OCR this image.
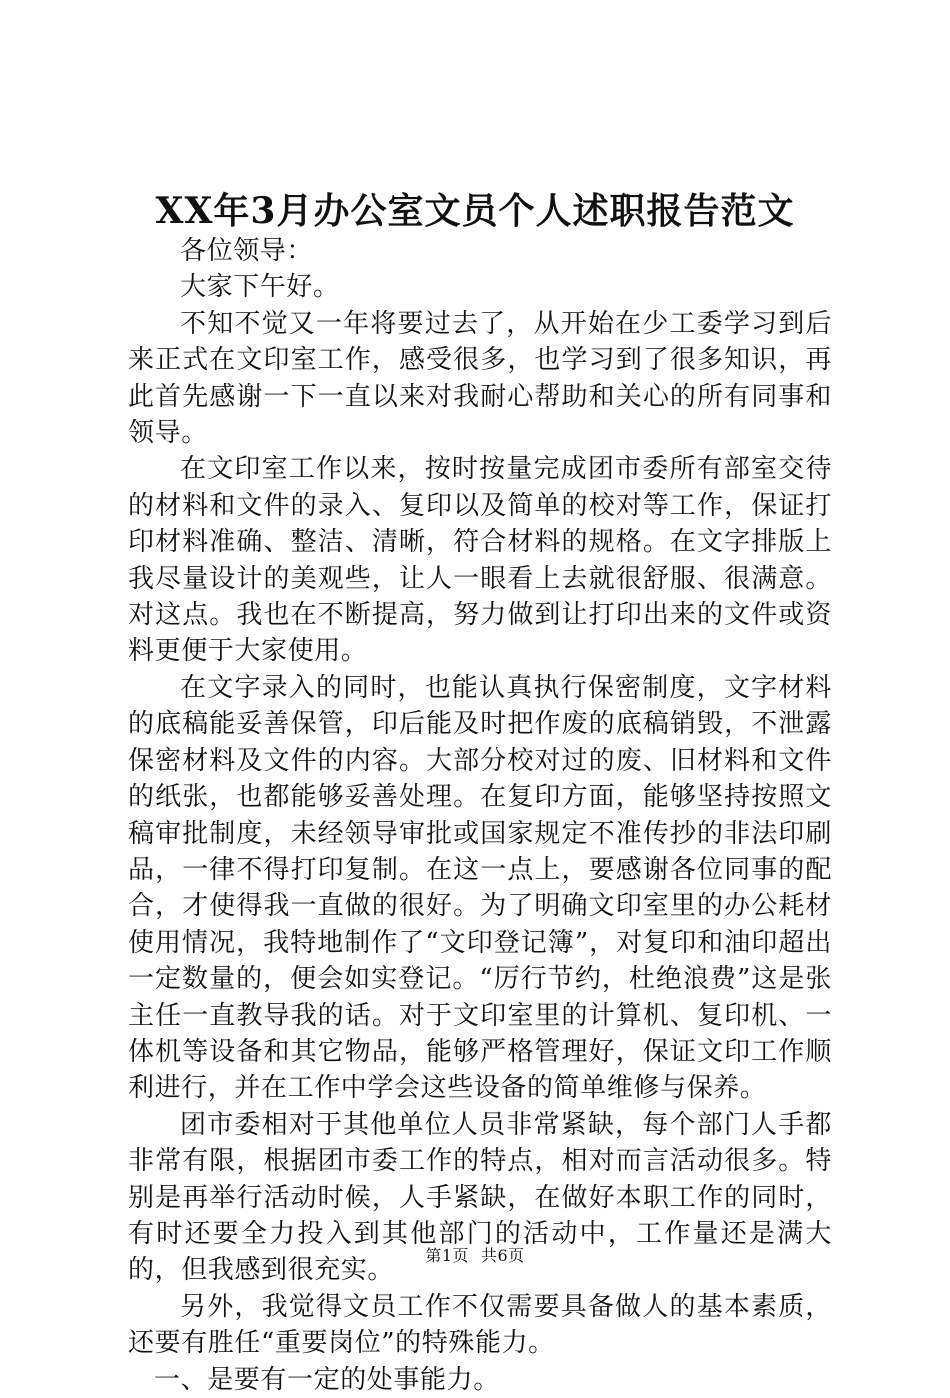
XX年3月办公室文员个人述职报告范文

各位领导：

大家下午好。

不知不觉又一年将要过去了，从开始在少工委学习到后来正式在文印室工作，感受很多，也学习到了很多知识，再此首先感谢一下一直以来对我耐心帮助和关心的所有同事和领导。

在文印室工作以来，按时按量完成团市委所有部室交待的材料和文件的录入、复印以及简单的校对等工作，保证打印材料准确、整洁、清晰，符合材料的规格。在文字排版上我尽量设计的美观些，让人一眼看上去就很舒服、很满意。对这点。我也在不断提高，努力做到让打印出来的文件或资料更便于大家使用。

在文字录入的同时，也能认真执行保密制度，文字材料的底稿能妥善保管，印后能及时把作废的底稿销毁，不泄露保密材料及文件的内容。大部分校对过的废、旧材料和文件的纸张，也都能够妥善处理。在复印方面，能够坚持按照文稿审批制度，未经领导审批或国家规定不准传抄的非法印刷品，一律不得打印复制。在这一点上，要感谢各位同事的配合，才使得我一直做的很好。为了明确文印室里的办公耗材使用情况，我特地制作了“文印登记簿”，对复印和油印超出一定数量的，便会如实登记。“厉行节约，杜绝浪费”这是张主任一直教导我的话。对于文印室里的计算机、复印机、一体机等设备和其它物品，能够严格管理好，保证文印工作顺利进行，并在工作中学会这些设备的简单维修与保养。

团市委相对于其他单位人员非常紧缺，每个部门人手都非常有限，根据团市委工作的特点，相对而言活动很多。特别是再举行活动时候，人手紧缺，在做好本职工作的同时，有时还要全力投入到其他部门的活动中，工作量还是满大的，但我感到很充实。

另外，我觉得文员工作不仅需要具备做人的基本素质，还要有胜任“重要岗位”的特殊能力。

一、是要有一定的处事能力。

第1页 共6页
